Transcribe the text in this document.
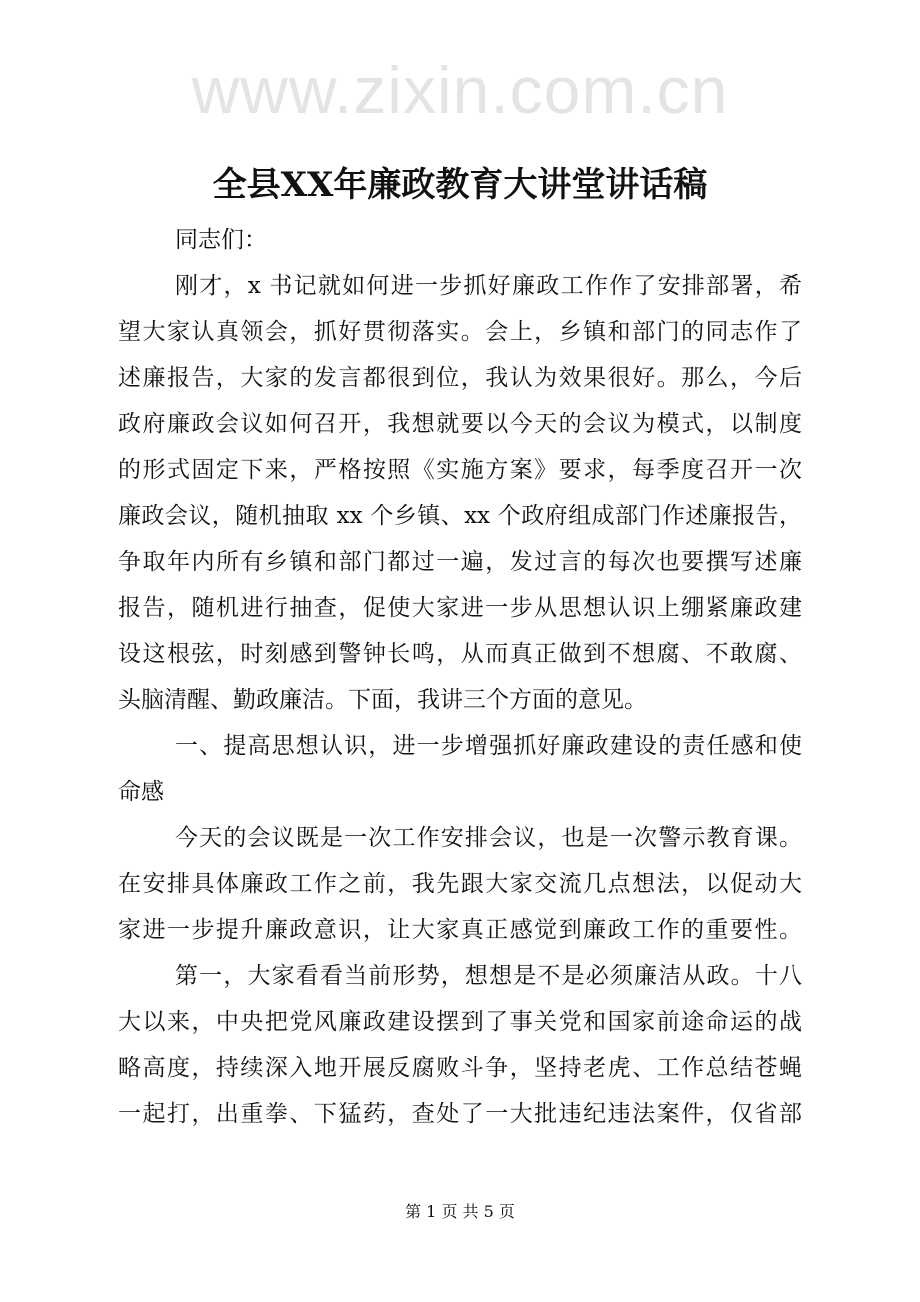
www.zixin.com.cn
全县XX年廉政教育大讲堂讲话稿
同志们：
刚才，x 书记就如何进一步抓好廉政工作作了安排部署，希
望大家认真领会，抓好贯彻落实。会上，乡镇和部门的同志作了
述廉报告，大家的发言都很到位，我认为效果很好。那么，今后
政府廉政会议如何召开，我想就要以今天的会议为模式，以制度
的形式固定下来，严格按照《实施方案》要求，每季度召开一次
廉政会议，随机抽取 xx 个乡镇、xx 个政府组成部门作述廉报告，
争取年内所有乡镇和部门都过一遍，发过言的每次也要撰写述廉
报告，随机进行抽查，促使大家进一步从思想认识上绷紧廉政建
设这根弦，时刻感到警钟长鸣，从而真正做到不想腐、不敢腐、
头脑清醒、勤政廉洁。下面，我讲三个方面的意见。
一、提高思想认识，进一步增强抓好廉政建设的责任感和使
命感
今天的会议既是一次工作安排会议，也是一次警示教育课。
在安排具体廉政工作之前，我先跟大家交流几点想法，以促动大
家进一步提升廉政意识，让大家真正感觉到廉政工作的重要性。
第一，大家看看当前形势，想想是不是必须廉洁从政。十八
大以来，中央把党风廉政建设摆到了事关党和国家前途命运的战
略高度，持续深入地开展反腐败斗争，坚持老虎、工作总结苍蝇
一起打，出重拳、下猛药，查处了一大批违纪违法案件，仅省部
第 1 页 共 5 页
